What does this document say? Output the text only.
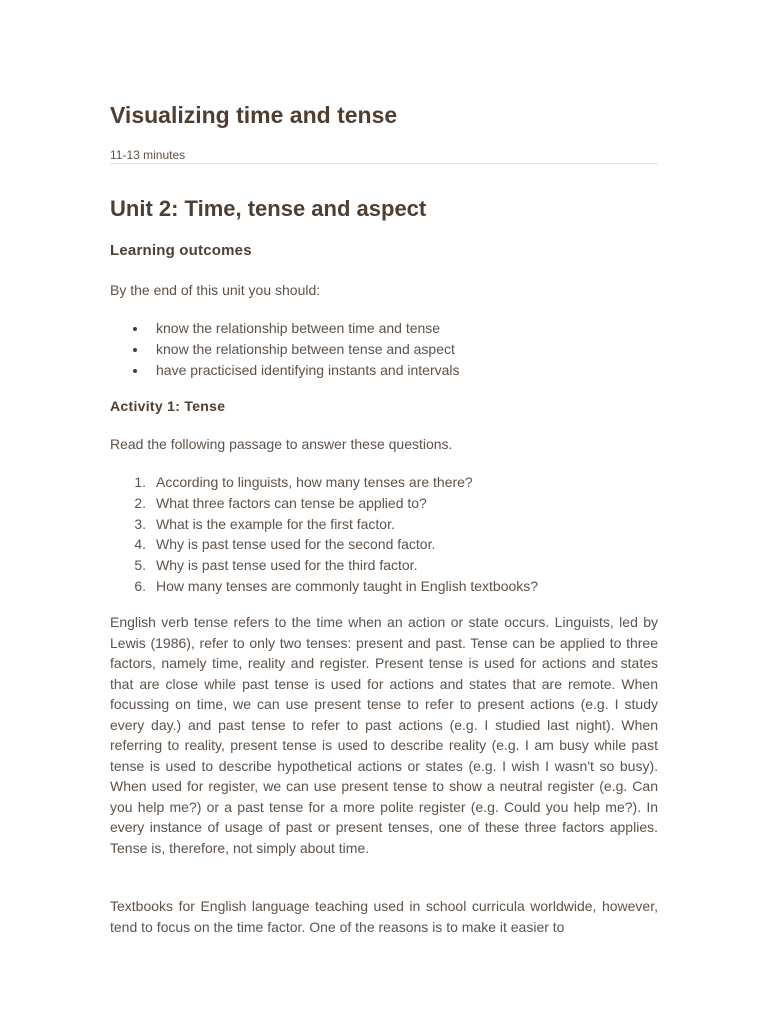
Visualizing time and tense
11-13 minutes
Unit 2: Time, tense and aspect
Learning outcomes

By the end of this unit you should:

know the relationship between time and tense
know the relationship between tense and aspect
have practicised identifying instants and intervals
Activity 1: Tense

Read the following passage to answer these questions.

1. According to linguists, how many tenses are there?
2. What three factors can tense be applied to?
3. What is the example for the first factor.
4. Why is past tense used for the second factor.
5. Why is past tense used for the third factor.
6. How many tenses are commonly taught in English textbooks?

English verb tense refers to the time when an action or state occurs. Linguists, led by Lewis (1986), refer to only two tenses: present and past. Tense can be applied to three factors, namely time, reality and register. Present tense is used for actions and states that are close while past tense is used for actions and states that are remote. When focussing on time, we can use present tense to refer to present actions (e.g. I study every day.) and past tense to refer to past actions (e.g. I studied last night). When referring to reality, present tense is used to describe reality (e.g. I am busy while past tense is used to describe hypothetical actions or states (e.g. I wish I wasn't so busy). When used for register, we can use present tense to show a neutral register (e.g. Can you help me?) or a past tense for a more polite register (e.g. Could you help me?). In every instance of usage of past or present tenses, one of these three factors applies. Tense is, therefore, not simply about time.

Textbooks for English language teaching used in school curricula worldwide, however, tend to focus on the time factor. One of the reasons is to make it easier to
